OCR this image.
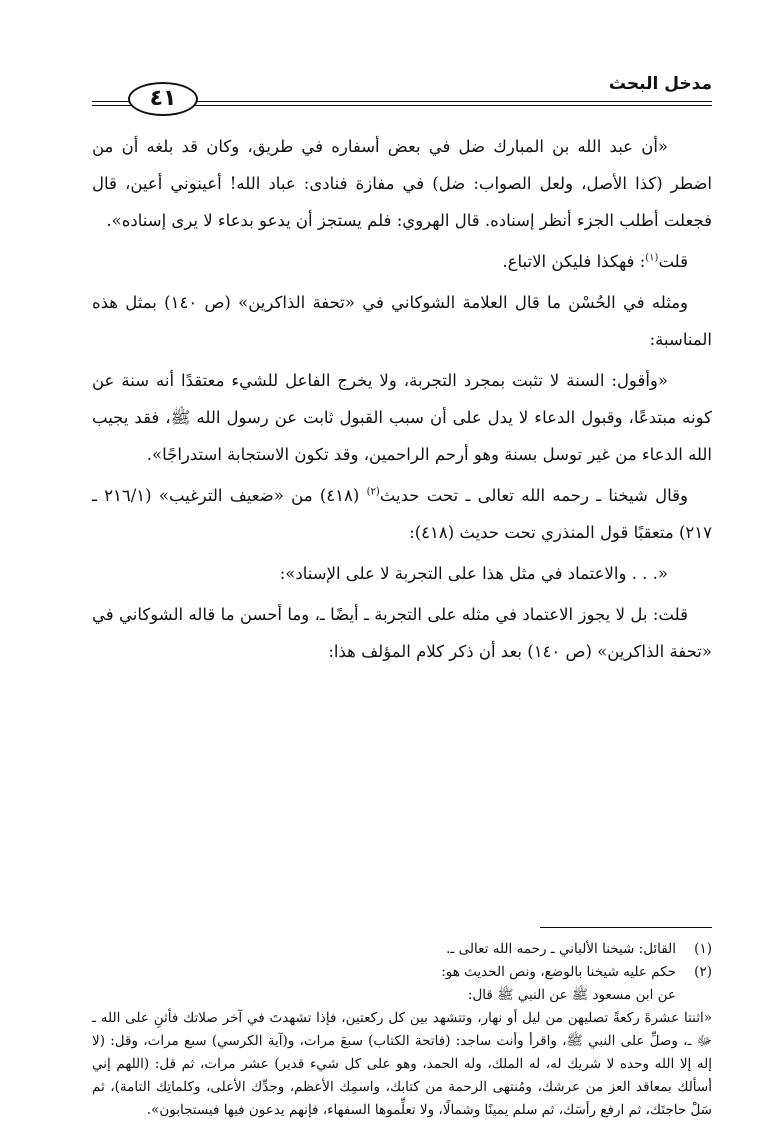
مدخل البحث
٤١

«أن عبد الله بن المبارك ضل في بعض أسفاره في طريق، وكان قد بلغه أن من اضطر (كذا الأصل، ولعل الصواب: ضل) في مفازة فنادى: عباد الله! أعينوني أعين، قال فجعلت أطلب الجزء أنظر إسناده. قال الهروي: فلم يستجز أن يدعو بدعاء لا يرى إسناده».

قلت$^{(١)}$: فهكذا فليكن الاتباع.

ومثله في الحُسْن ما قال العلامة الشوكاني في «تحفة الذاكرين» (ص ١٤٠) بمثل هذه المناسبة:

«وأقول: السنة لا تثبت بمجرد التجربة، ولا يخرج الفاعل للشيء معتقدًا أنه سنة عن كونه مبتدعًا، وقبول الدعاء لا يدل على أن سبب القبول ثابت عن رسول الله ﷺ، فقد يجيب الله الدعاء من غير توسل بسنة وهو أرحم الراحمين، وقد تكون الاستجابة استدراجًا».

وقال شيخنا ـ رحمه الله تعالى ـ تحت حديث$^{(٢)}$ (٤١٨) من «ضعيف الترغيب» (٢١٦/١ ـ ٢١٧) متعقبًا قول المنذري تحت حديث (٤١٨):

«. . . والاعتماد في مثل هذا على التجربة لا على الإسناد»:

قلت: بل لا يجوز الاعتماد في مثله على التجربة ـ أيضًا ـ، وما أحسن ما قاله الشوكاني في «تحفة الذاكرين» (ص ١٤٠) بعد أن ذكر كلام المؤلف هذا:

(١)
القائل: شيخنا الألباني ـ رحمه الله تعالى ـ.
(٢)

حكم عليه شيخنا بالوضع، ونص الحديث هو:

عن ابن مسعود ﷺ عن النبي ﷺ قال:

«اثنتا عشرةَ ركعةً تصليهن من ليل أو نهار، وتتشهد بين كل ركعتين، فإذا تشهدتَ في آخر صلاتك فأثنِ على الله ـ ﷻ ـ، وصلِّ على النبي ﷺ، واقرأ وأنت ساجد: (فاتحة الكتاب) سبعَ مرات، و(آية الكرسي) سبع مرات، وقل: (لا إله إلا الله وحده لا شريك له، له الملك، وله الحمد، وهو على كل شيء قدير) عشر مرات، ثم قل: (اللهم إني أسألك بمعاقد العز من عرشك، ومُنتهى الرحمة من كتابك، واسمِك الأعظم، وجدِّك الأعلى، وكلماتِك التامة)، ثم سَلْ حاجتَك، ثم ارفع رأسَك، ثم سلم يمينًا وشمالًا، ولا تعلِّموها السفهاء، فإنهم يدعون فيها فيستجابون».
